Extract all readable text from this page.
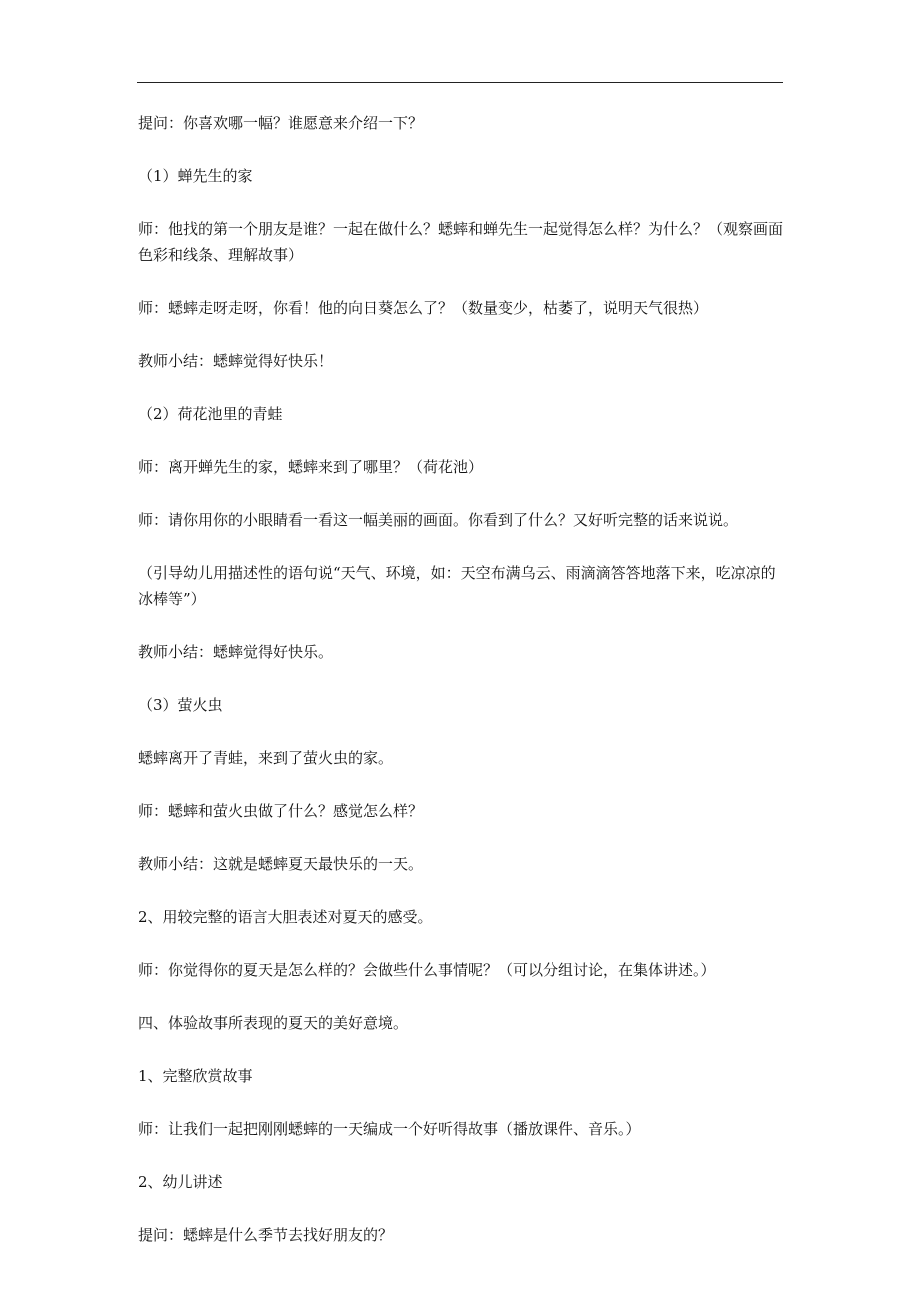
提问：你喜欢哪一幅？谁愿意来介绍一下？

（1）蝉先生的家

师：他找的第一个朋友是谁？一起在做什么？蟋蟀和蝉先生一起觉得怎么样？为什么？（观察画面色彩和线条、理解故事）

师：蟋蟀走呀走呀，你看！他的向日葵怎么了？（数量变少，枯萎了，说明天气很热）

教师小结：蟋蟀觉得好快乐！

（2）荷花池里的青蛙

师：离开蝉先生的家，蟋蟀来到了哪里？（荷花池）

师：请你用你的小眼睛看一看这一幅美丽的画面。你看到了什么？又好听完整的话来说说。

（引导幼儿用描述性的语句说“天气、环境，如：天空布满乌云、雨滴滴答答地落下来，吃凉凉的冰棒等”）

教师小结：蟋蟀觉得好快乐。

（3）萤火虫

蟋蟀离开了青蛙，来到了萤火虫的家。

师：蟋蟀和萤火虫做了什么？感觉怎么样？

教师小结：这就是蟋蟀夏天最快乐的一天。

2、用较完整的语言大胆表述对夏天的感受。

师：你觉得你的夏天是怎么样的？会做些什么事情呢？（可以分组讨论，在集体讲述。）

四、体验故事所表现的夏天的美好意境。

1、完整欣赏故事

师：让我们一起把刚刚蟋蟀的一天编成一个好听得故事（播放课件、音乐。）

2、幼儿讲述

提问：蟋蟀是什么季节去找好朋友的？
